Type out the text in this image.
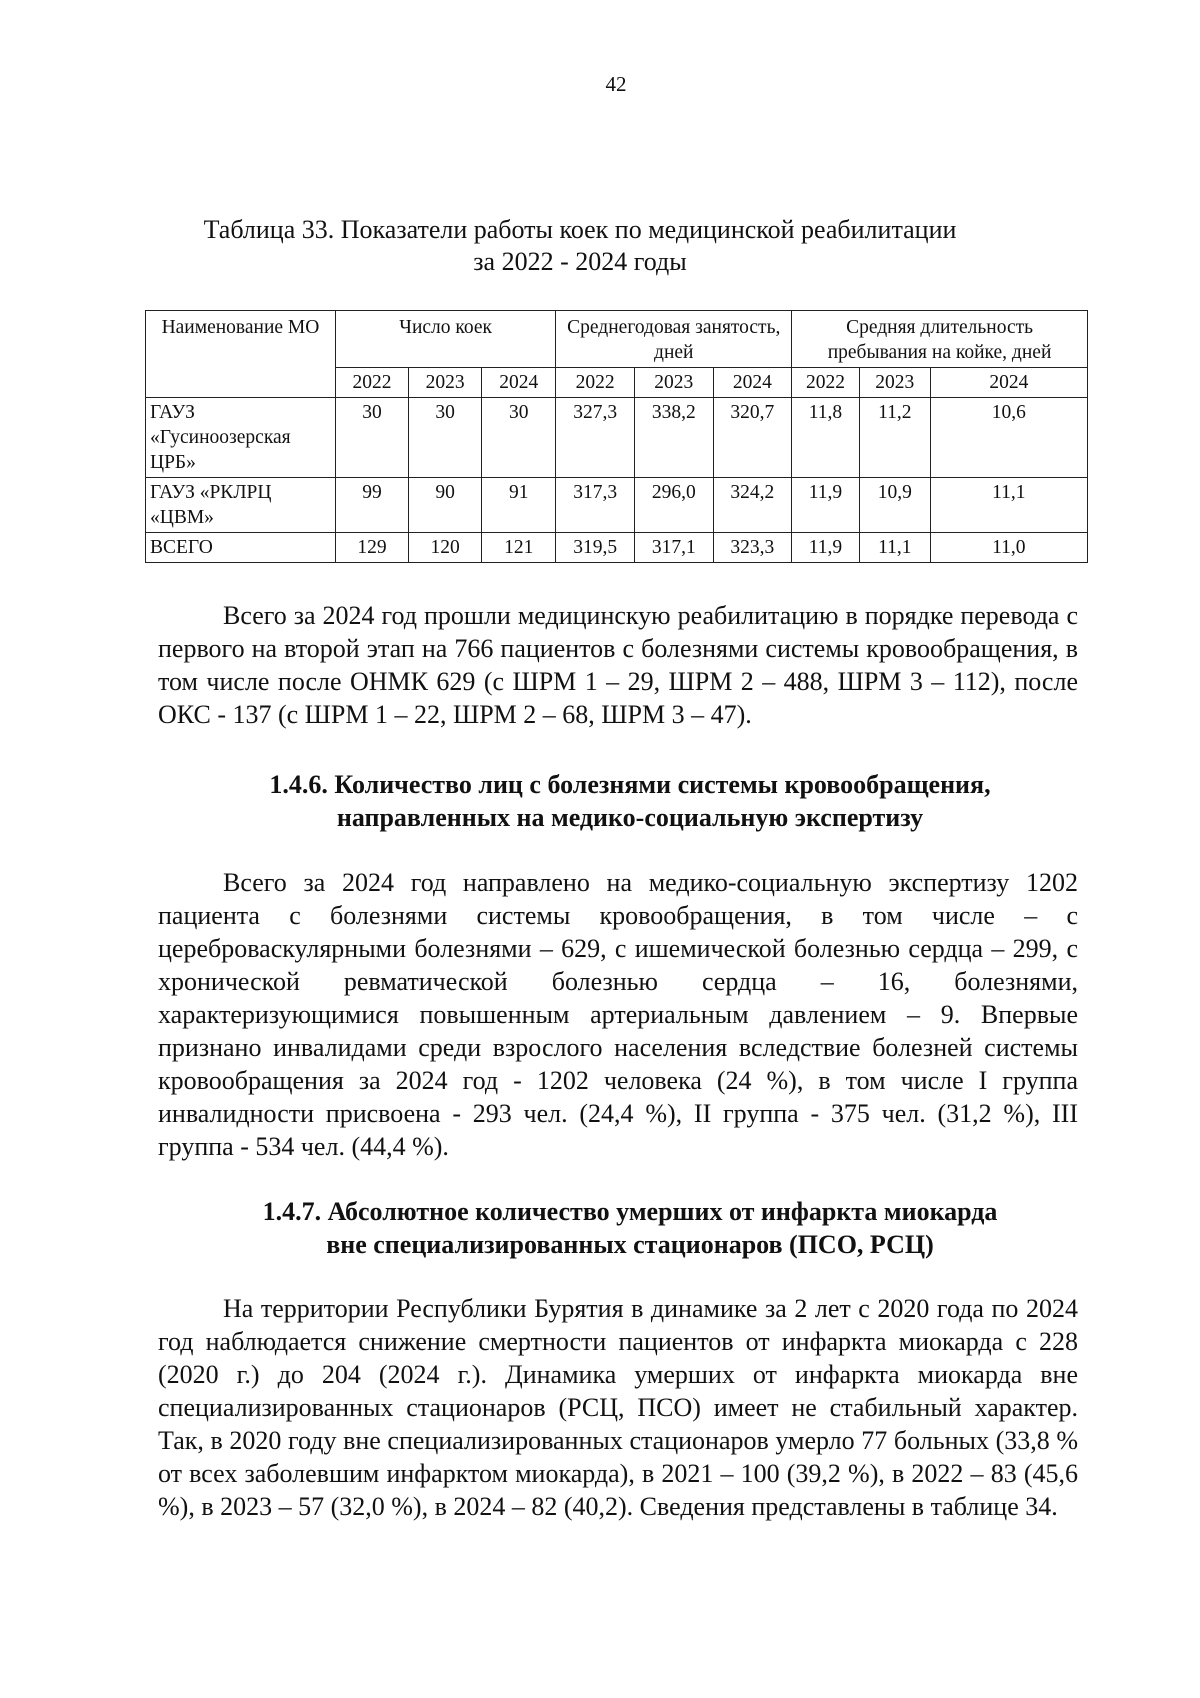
42
Таблица 33. Показатели работы коек по медицинской реабилитации
за 2022 - 2024 годы
Наименование МО	Число коек			Среднегодовая занятость, дней			Средняя длительность пребывания на койке, дней		
	2022	2023	2024	2022	2023	2024	2022	2023	2024
ГАУЗ «Гусиноозерская ЦРБ»	30	30	30	327,3	338,2	320,7	11,8	11,2	10,6
ГАУЗ «РКЛРЦ «ЦВМ»	99	90	91	317,3	296,0	324,2	11,9	10,9	11,1
ВСЕГО	129	120	121	319,5	317,1	323,3	11,9	11,1	11,0

Всего за 2024 год прошли медицинскую реабилитацию в порядке перевода с первого на второй этап на 766 пациентов с болезнями системы кровообращения, в том числе после ОНМК 629 (с ШРМ 1 – 29, ШРМ 2 – 488, ШРМ 3 – 112), после ОКС - 137 (с ШРМ 1 – 22, ШРМ 2 – 68, ШРМ 3 – 47).

1.4.6. Количество лиц с болезнями системы кровообращения,
направленных на медико-социальную экспертизу

Всего за 2024 год направлено на медико-социальную экспертизу 1202 пациента с болезнями системы кровообращения, в том числе – с цереброваскулярными болезнями – 629, с ишемической болезнью сердца – 299, с хронической ревматической болезнью сердца – 16, болезнями, характеризующимися повышенным артериальным давлением – 9. Впервые признано инвалидами среди взрослого населения вследствие болезней системы кровообращения за 2024 год - 1202 человека (24 %), в том числе I группа инвалидности присвоена - 293 чел. (24,4 %), II группа - 375 чел. (31,2 %), III группа - 534 чел. (44,4 %).

1.4.7. Абсолютное количество умерших от инфаркта миокарда
вне специализированных стационаров (ПСО, РСЦ)

На территории Республики Бурятия в динамике за 2 лет с 2020 года по 2024 год наблюдается снижение смертности пациентов от инфаркта миокарда с 228 (2020 г.) до 204 (2024 г.). Динамика умерших от инфаркта миокарда вне специализированных стационаров (РСЦ, ПСО) имеет не стабильный характер. Так, в 2020 году вне специализированных стационаров умерло 77 больных (33,8 % от всех заболевшим инфарктом миокарда), в 2021 – 100 (39,2 %), в 2022 – 83 (45,6 %), в 2023 – 57 (32,0 %), в 2024 – 82 (40,2). Сведения представлены в таблице 34.
